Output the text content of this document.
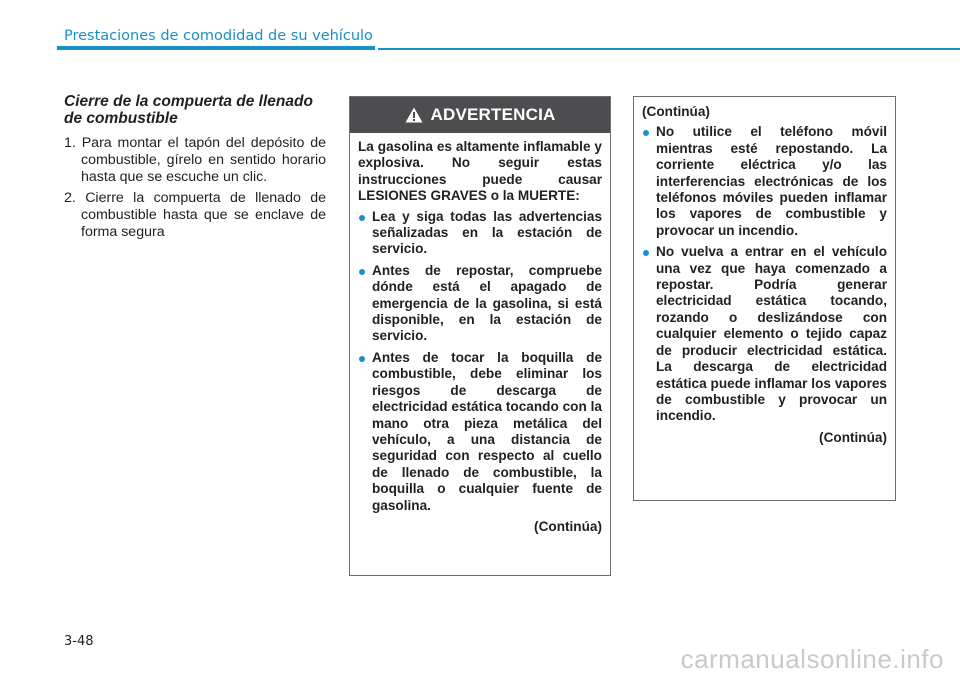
Prestaciones de comodidad de su vehículo
Cierre de la compuerta de llenado de combustible
1. Para montar el tapón del depósito de combustible, gírelo en sentido horario hasta que se escuche un clic.
2. Cierre la compuerta de llenado de combustible hasta que se enclave de forma segura
ADVERTENCIA

La gasolina es altamente inflamable y explosiva. No seguir estas instrucciones puede causar LESIONES GRAVES o la MUERTE:

Lea y siga todas las advertencias señalizadas en la estación de servicio.
Antes de repostar, compruebe dónde está el apagado de emergencia de la gasolina, si está disponible, en la estación de servicio.
Antes de tocar la boquilla de combustible, debe eliminar los riesgos de descarga de electricidad estática tocando con la mano otra pieza metálica del vehículo, a una distancia de seguridad con respecto al cuello de llenado de combustible, la boquilla o cualquier fuente de gasolina.
(Continúa)

(Continúa)

No utilice el teléfono móvil mientras esté repostando. La corriente eléctrica y/o las interferencias electrónicas de los teléfonos móviles pueden inflamar los vapores de combustible y provocar un incendio.
No vuelva a entrar en el vehículo una vez que haya comenzado a repostar. Podría generar electricidad estática tocando, rozando o deslizándose con cualquier elemento o tejido capaz de producir electricidad estática. La descarga de electricidad estática puede inflamar los vapores de combustible y provocar un incendio.
(Continúa)
3-48
carmanualsonline.info
